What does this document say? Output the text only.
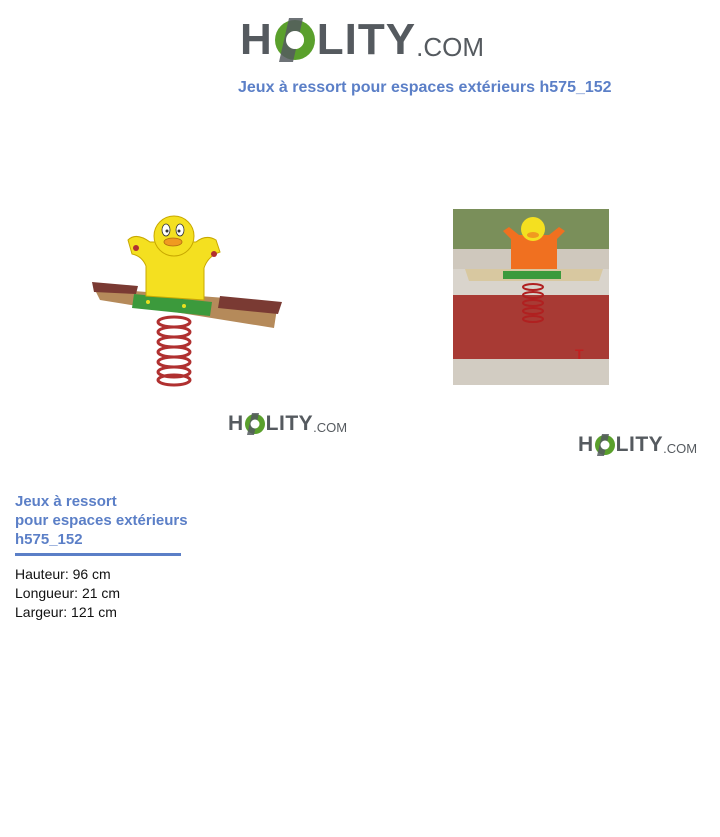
H LITY .COM
Jeux à ressort pour espaces extérieurs h575_152
H LITY .COM
T
H LITY .COM
Jeux à ressort
pour espaces extérieurs
h575_152
Hauteur: 96 cm
Longueur: 21 cm
Largeur: 121 cm
